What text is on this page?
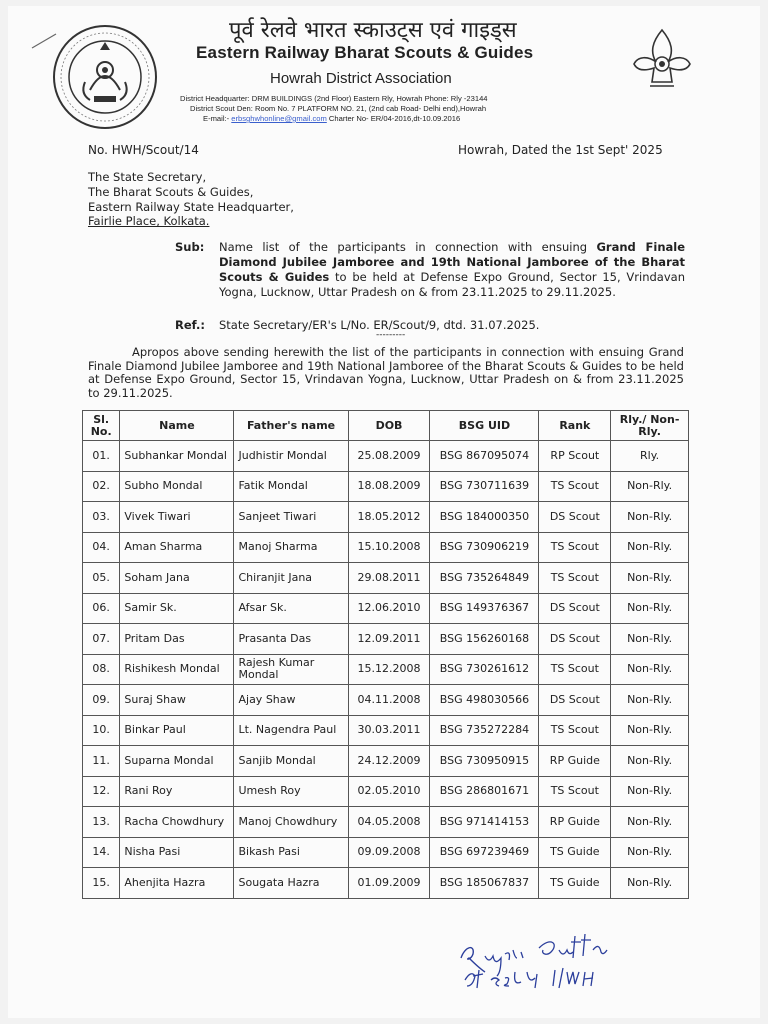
पूर्व रेलवे भारत स्काउट्स एवं गाइड्स
Eastern Railway Bharat Scouts & Guides
Howrah District Association
District Headquarter: DRM BUILDINGS (2nd Floor) Eastern Rly, Howrah Phone: Rly -23144
District Scout Den: Room No. 7 PLATFORM NO. 21, (2nd cab Road- Delhi end),Howrah
E-mail:- erbsghwhonline@gmail.com Charter No- ER/04-2016,dt-10.09.2016
No. HWH/Scout/14	Howrah, Dated the 1st Sept' 2025
The State Secretary,
The Bharat Scouts & Guides,
Eastern Railway State Headquarter,
Fairlie Place, Kolkata.
Sub: Name list of the participants in connection with ensuing Grand Finale Diamond Jubilee Jamboree and 19th National Jamboree of the Bharat Scouts & Guides to be held at Defense Expo Ground, Sector 15, Vrindavan Yogna, Lucknow, Uttar Pradesh on & from 23.11.2025 to 29.11.2025.
Ref.: State Secretary/ER's L/No. ER/Scout/9, dtd. 31.07.2025.
---------
Apropos above sending herewith the list of the participants in connection with ensuing Grand Finale Diamond Jubilee Jamboree and 19th National Jamboree of the Bharat Scouts & Guides to be held at Defense Expo Ground, Sector 15, Vrindavan Yogna, Lucknow, Uttar Pradesh on & from 23.11.2025 to 29.11.2025.
Sl. No.	Name	Father's name	DOB	BSG UID	Rank	Rly./ Non-Rly.
01.	Subhankar Mondal	Judhistir Mondal	25.08.2009	BSG 867095074	RP Scout	Rly.
02.	Subho Mondal	Fatik Mondal	18.08.2009	BSG 730711639	TS Scout	Non-Rly.
03.	Vivek Tiwari	Sanjeet Tiwari	18.05.2012	BSG 184000350	DS Scout	Non-Rly.
04.	Aman Sharma	Manoj Sharma	15.10.2008	BSG 730906219	TS Scout	Non-Rly.
05.	Soham Jana	Chiranjit Jana	29.08.2011	BSG 735264849	TS Scout	Non-Rly.
06.	Samir Sk.	Afsar Sk.	12.06.2010	BSG 149376367	DS Scout	Non-Rly.
07.	Pritam Das	Prasanta Das	12.09.2011	BSG 156260168	DS Scout	Non-Rly.
08.	Rishikesh Mondal	Rajesh Kumar Mondal	15.12.2008	BSG 730261612	TS Scout	Non-Rly.
09.	Suraj Shaw	Ajay Shaw	04.11.2008	BSG 498030566	DS Scout	Non-Rly.
10.	Binkar Paul	Lt. Nagendra Paul	30.03.2011	BSG 735272284	TS Scout	Non-Rly.
11.	Suparna Mondal	Sanjib Mondal	24.12.2009	BSG 730950915	RP Guide	Non-Rly.
12.	Rani Roy	Umesh Roy	02.05.2010	BSG 286801671	TS Scout	Non-Rly.
13.	Racha Chowdhury	Manoj Chowdhury	04.05.2008	BSG 971414153	RP Guide	Non-Rly.
14.	Nisha Pasi	Bikash Pasi	09.09.2008	BSG 697239469	TS Guide	Non-Rly.
15.	Ahenjita Hazra	Sougata Hazra	01.09.2009	BSG 185067837	TS Guide	Non-Rly.
